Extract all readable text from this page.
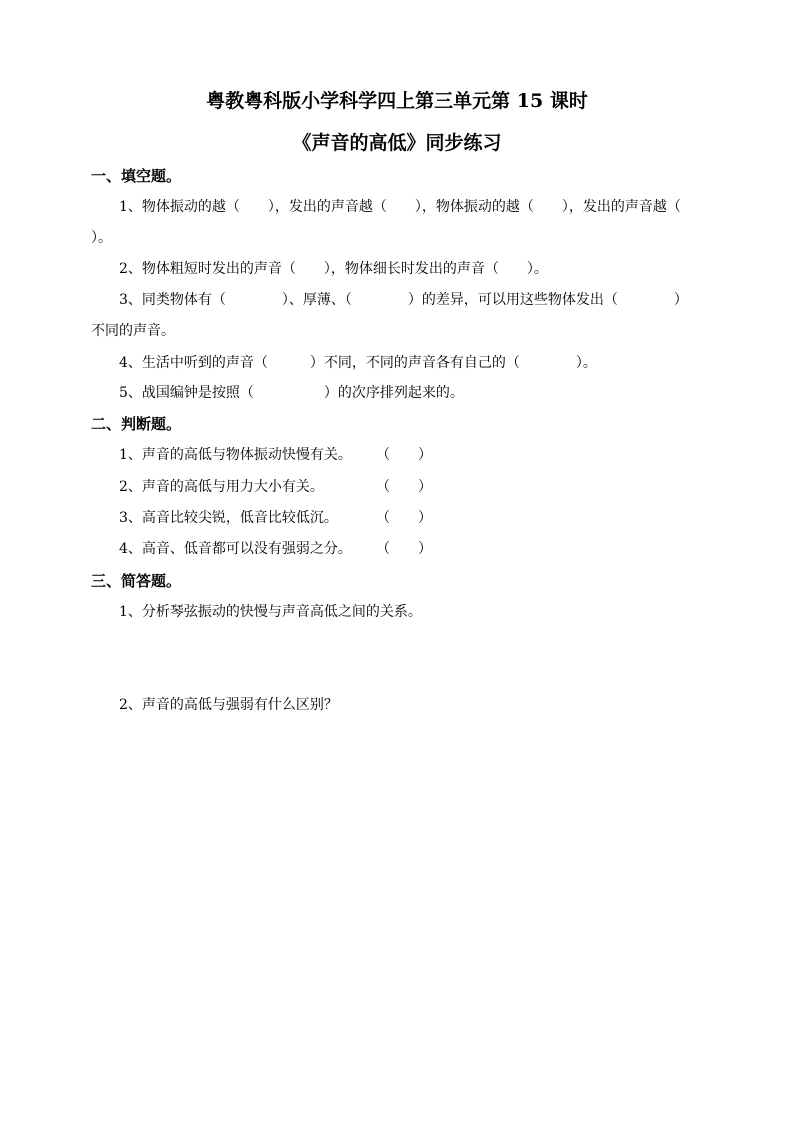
粤教粤科版小学科学四上第三单元第 15 课时
《声音的高低》同步练习
一、填空题。
1、物体振动的越（　　），发出的声音越（　　），物体振动的越（　　），发出的声音越（
）。
2、物体粗短时发出的声音（　　），物体细长时发出的声音（　　）。
3、同类物体有（　　　　）、厚薄、（　　　　）的差异，可以用这些物体发出（　　　　）
不同的声音。
4、生活中听到的声音（　　　）不同，不同的声音各有自己的（　　　　）。
5、战国编钟是按照（　　　　　）的次序排列起来的。
二、判断题。
1、声音的高低与物体振动快慢有关。 （　　）
2、声音的高低与用力大小有关。	（　　）
3、高音比较尖锐，低音比较低沉。	（　　）
4、高音、低音都可以没有强弱之分。 （　　）
三、简答题。
1、分析琴弦振动的快慢与声音高低之间的关系。
2、声音的高低与强弱有什么区别？
